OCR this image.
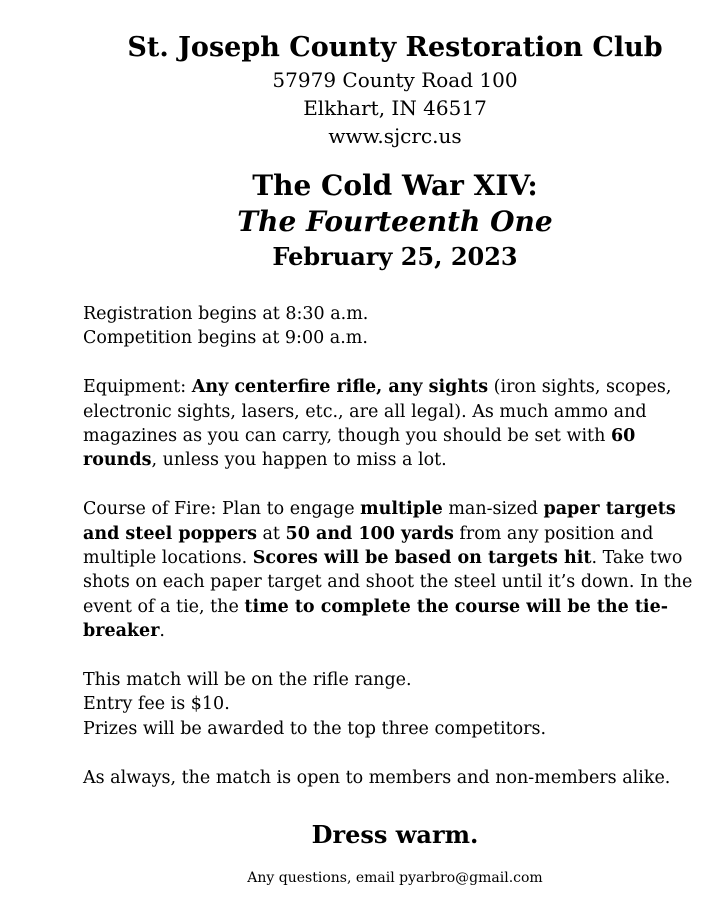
St. Joseph County Restoration Club

57979 County Road 100

Elkhart, IN 46517

www.sjcrc.us

The Cold War XIV:

The Fourteenth One

February 25, 2023

Registration begins at 8:30 a.m.
Competition begins at 9:00 a.m.

Equipment: Any centerfire rifle, any sights (iron sights, scopes, electronic sights, lasers, etc., are all legal). As much ammo and magazines as you can carry, though you should be set with 60 rounds, unless you happen to miss a lot.

Course of Fire: Plan to engage multiple man-sized paper targets and steel poppers at 50 and 100 yards from any position and multiple locations. Scores will be based on targets hit. Take two shots on each paper target and shoot the steel until it’s down. In the event of a tie, the time to complete the course will be the tie-breaker.

This match will be on the rifle range.
Entry fee is $10.
Prizes will be awarded to the top three competitors.

As always, the match is open to members and non-members alike.

Dress warm.

Any questions, email pyarbro@gmail.com
